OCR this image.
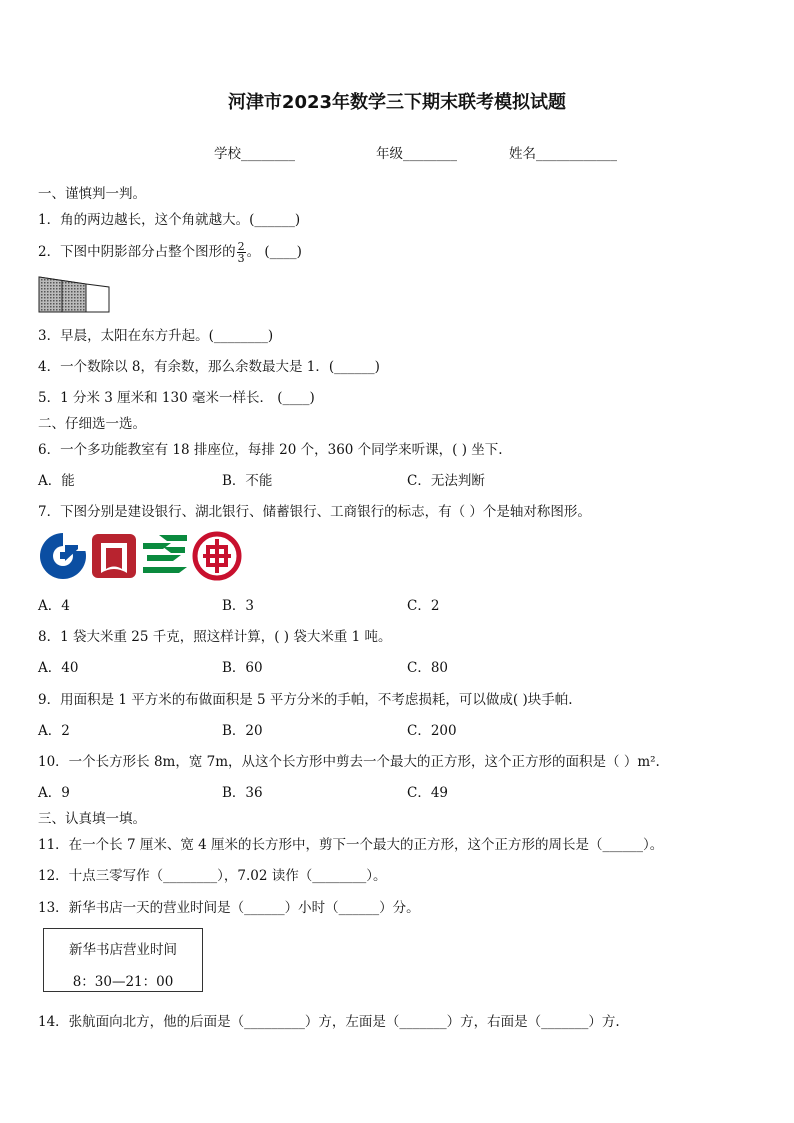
河津市2023年数学三下期末联考模拟试题
学校________	年级________	姓名____________
一、谨慎判一判。
1．角的两边越长，这个角就越大。(______)
2．下图中阴影部分占整个图形的 $\frac{2}{3}$ 。 (____)
3．早晨，太阳在东方升起。(________)
4．一个数除以 8，有余数，那么余数最大是 1．(______)
5．1 分米 3 厘米和 130 毫米一样长． (____)
二、仔细选一选。
6．一个多功能教室有 18 排座位，每排 20 个，360 个同学来听课，( ) 坐下.
A．能	B．不能	C．无法判断
7．下图分别是建设银行、湖北银行、储蓄银行、工商银行的标志，有（ ）个是轴对称图形。
A．4	B．3	C．2
8．1 袋大米重 25 千克，照这样计算，( ) 袋大米重 1 吨。
A．40	B．60	C．80
9．用面积是 1 平方米的布做面积是 5 平方分米的手帕，不考虑损耗，可以做成( )块手帕.
A．2	B．20	C．200
10．一个长方形长 8m，宽 7m，从这个长方形中剪去一个最大的正方形，这个正方形的面积是（ ）m².
A．9	B．36	C．49
三、认真填一填。
11．在一个长 7 厘米、宽 4 厘米的长方形中，剪下一个最大的正方形，这个正方形的周长是（______）。
12．十点三零写作（________），7.02 读作（________）。
13．新华书店一天的营业时间是（______）小时（______）分。
新华书店营业时间
8：30—21：00
14．张航面向北方，他的后面是（_________）方，左面是（_______）方，右面是（_______）方.
